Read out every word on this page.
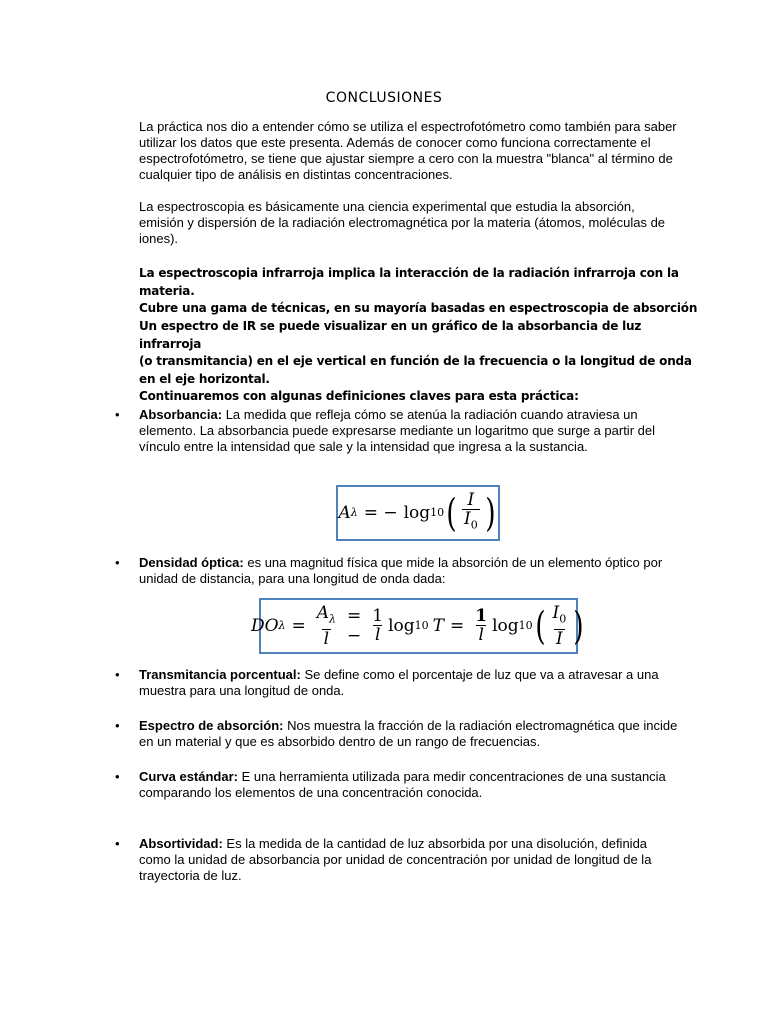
CONCLUSIONES
La práctica nos dio a entender cómo se utiliza el espectrofotómetro como también para saber utilizar los datos que este presenta. Además de conocer como funciona correctamente el espectrofotómetro, se tiene que ajustar siempre a cero con la muestra "blanca" al término de cualquier tipo de análisis en distintas concentraciones.
La espectroscopia es básicamente una ciencia experimental que estudia la absorción, emisión y dispersión de la radiación electromagnética por la materia (átomos, moléculas de iones).
La espectroscopia infrarroja implica la interacción de la radiación infrarroja con la materia.
Cubre una gama de técnicas, en su mayoría basadas en espectroscopia de absorción
Un espectro de IR se puede visualizar en un gráfico de la absorbancia de luz infrarroja
(o transmitancia) en el eje vertical en función de la frecuencia o la longitud de onda en el eje horizontal.
Continuaremos con algunas definiciones claves para esta práctica:
•	Absorbancia: La medida que refleja cómo se atenúa la radiación cuando atraviesa un elemento. La absorbancia puede expresarse mediante un logaritmo que surge a partir del vínculo entre la intensidad que sale y la intensidad que ingresa a la sustancia.
A λ = − log 10 ( $\frac{I}{I_0}$ )
•	Densidad óptica: es una magnitud física que mide la absorción de un elemento óptico por unidad de distancia, para una longitud de onda dada:
DO $\lambda = \frac{A_\lambda}{l}$ = − $\frac{1}{l}$ log 10 $T = \frac{1}{l}$ log 10 ( $\frac{I_0}{I}$ )
•	Transmitancia porcentual: Se define como el porcentaje de luz que va a atravesar a una muestra para una longitud de onda.
•	Espectro de absorción: Nos muestra la fracción de la radiación electromagnética que incide en un material y que es absorbido dentro de un rango de frecuencias.
•	Curva estándar: E una herramienta utilizada para medir concentraciones de una sustancia comparando los elementos de una concentración conocida.
•	Absortividad: Es la medida de la cantidad de luz absorbida por una disolución, definida como la unidad de absorbancia por unidad de concentración por unidad de longitud de la trayectoria de luz.
